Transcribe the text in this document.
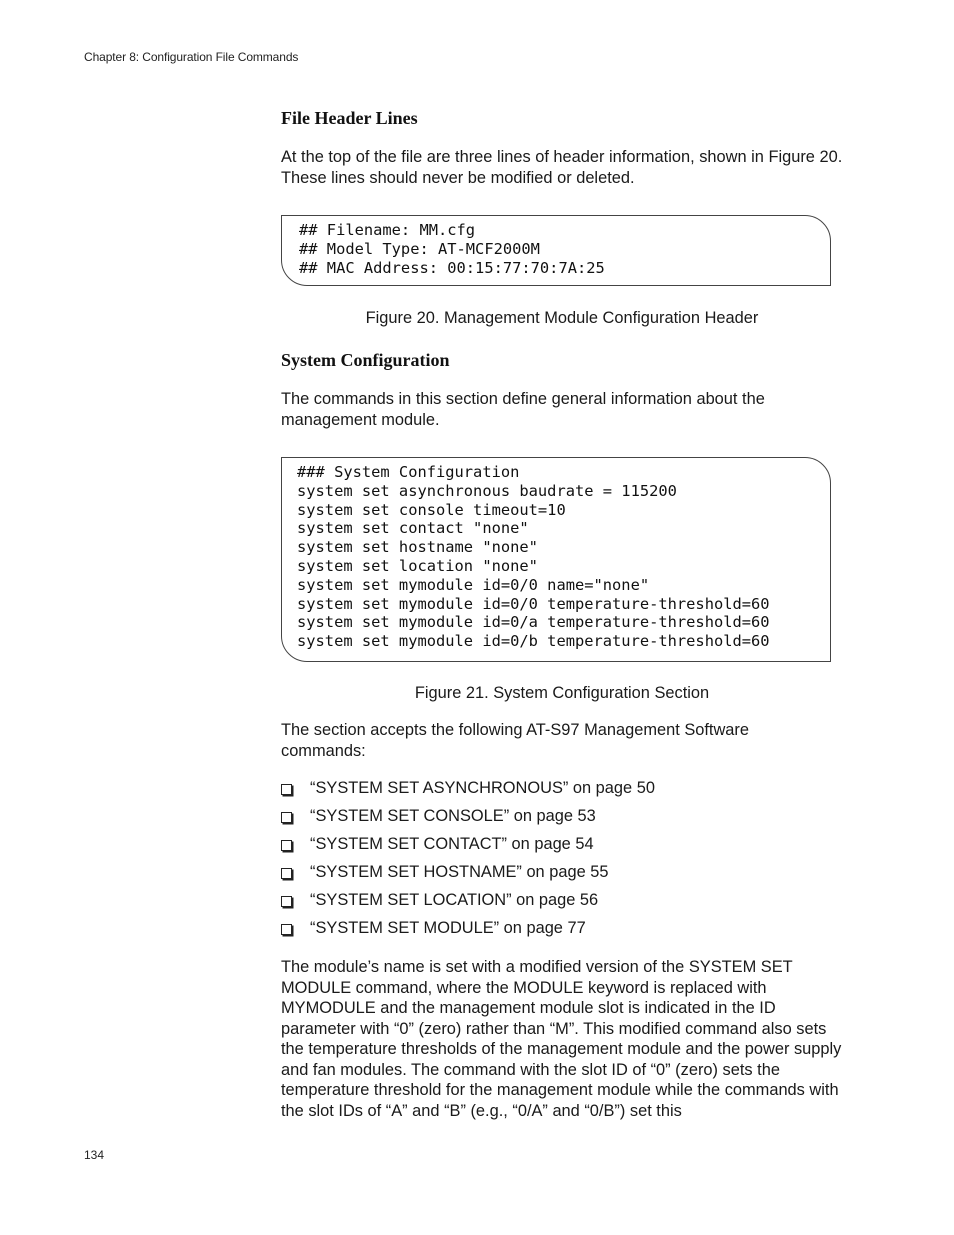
Chapter 8: Configuration File Commands
File Header Lines
At the top of the file are three lines of header information, shown in Figure 20. These lines should never be modified or deleted.
## Filename: MM.cfg
## Model Type: AT-MCF2000M
## MAC Address: 00:15:77:70:7A:25
Figure 20. Management Module Configuration Header
System Configuration
The commands in this section define general information about the management module.
### System Configuration
system set asynchronous baudrate = 115200
system set console timeout=10
system set contact "none"
system set hostname "none"
system set location "none"
system set mymodule id=0/0 name="none"
system set mymodule id=0/0 temperature-threshold=60
system set mymodule id=0/a temperature-threshold=60
system set mymodule id=0/b temperature-threshold=60
Figure 21. System Configuration Section
The section accepts the following AT-S97 Management Software commands:
“SYSTEM SET ASYNCHRONOUS” on page 50
“SYSTEM SET CONSOLE” on page 53
“SYSTEM SET CONTACT” on page 54
“SYSTEM SET HOSTNAME” on page 55
“SYSTEM SET LOCATION” on page 56
“SYSTEM SET MODULE” on page 77
The module’s name is set with a modified version of the SYSTEM SET MODULE command, where the MODULE keyword is replaced with MYMODULE and the management module slot is indicated in the ID parameter with “0” (zero) rather than “M”. This modified command also sets the temperature thresholds of the management module and the power supply and fan modules. The command with the slot ID of “0” (zero) sets the temperature threshold for the management module while the commands with the slot IDs of “A” and “B” (e.g., “0/A” and “0/B”) set this
134
